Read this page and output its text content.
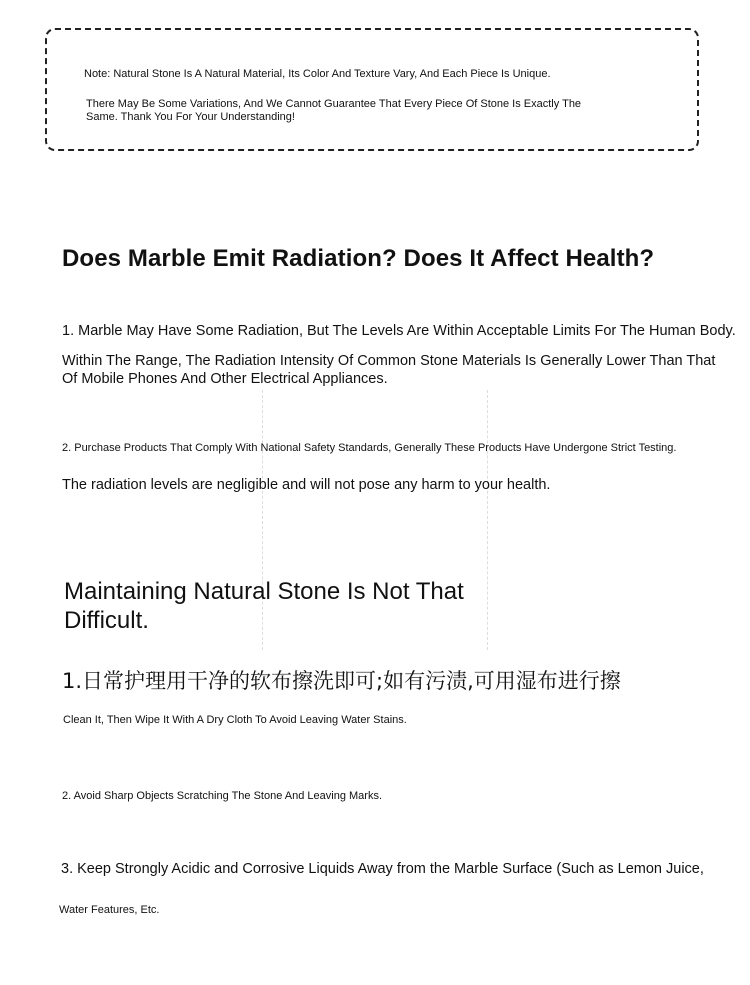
Note: Natural Stone Is A Natural Material, Its Color And Texture Vary, And Each Piece Is Unique.
There May Be Some Variations, And We Cannot Guarantee That Every Piece Of Stone Is Exactly The Same. Thank You For Your Understanding!
Does Marble Emit Radiation? Does It Affect Health?
1. Marble May Have Some Radiation, But The Levels Are Within Acceptable Limits For The Human Body.
Within The Range, The Radiation Intensity Of Common Stone Materials Is Generally Lower Than That Of Mobile Phones And Other Electrical Appliances.
2. Purchase Products That Comply With National Safety Standards, Generally These Products Have Undergone Strict Testing.
The radiation levels are negligible and will not pose any harm to your health.
Maintaining Natural Stone Is Not That Difficult.
1.日常护理用干净的软布擦洗即可;如有污渍,可用湿布进行擦
Clean It, Then Wipe It With A Dry Cloth To Avoid Leaving Water Stains.
2. Avoid Sharp Objects Scratching The Stone And Leaving Marks.
3. Keep Strongly Acidic and Corrosive Liquids Away from the Marble Surface (Such as Lemon Juice,
Water Features, Etc.
